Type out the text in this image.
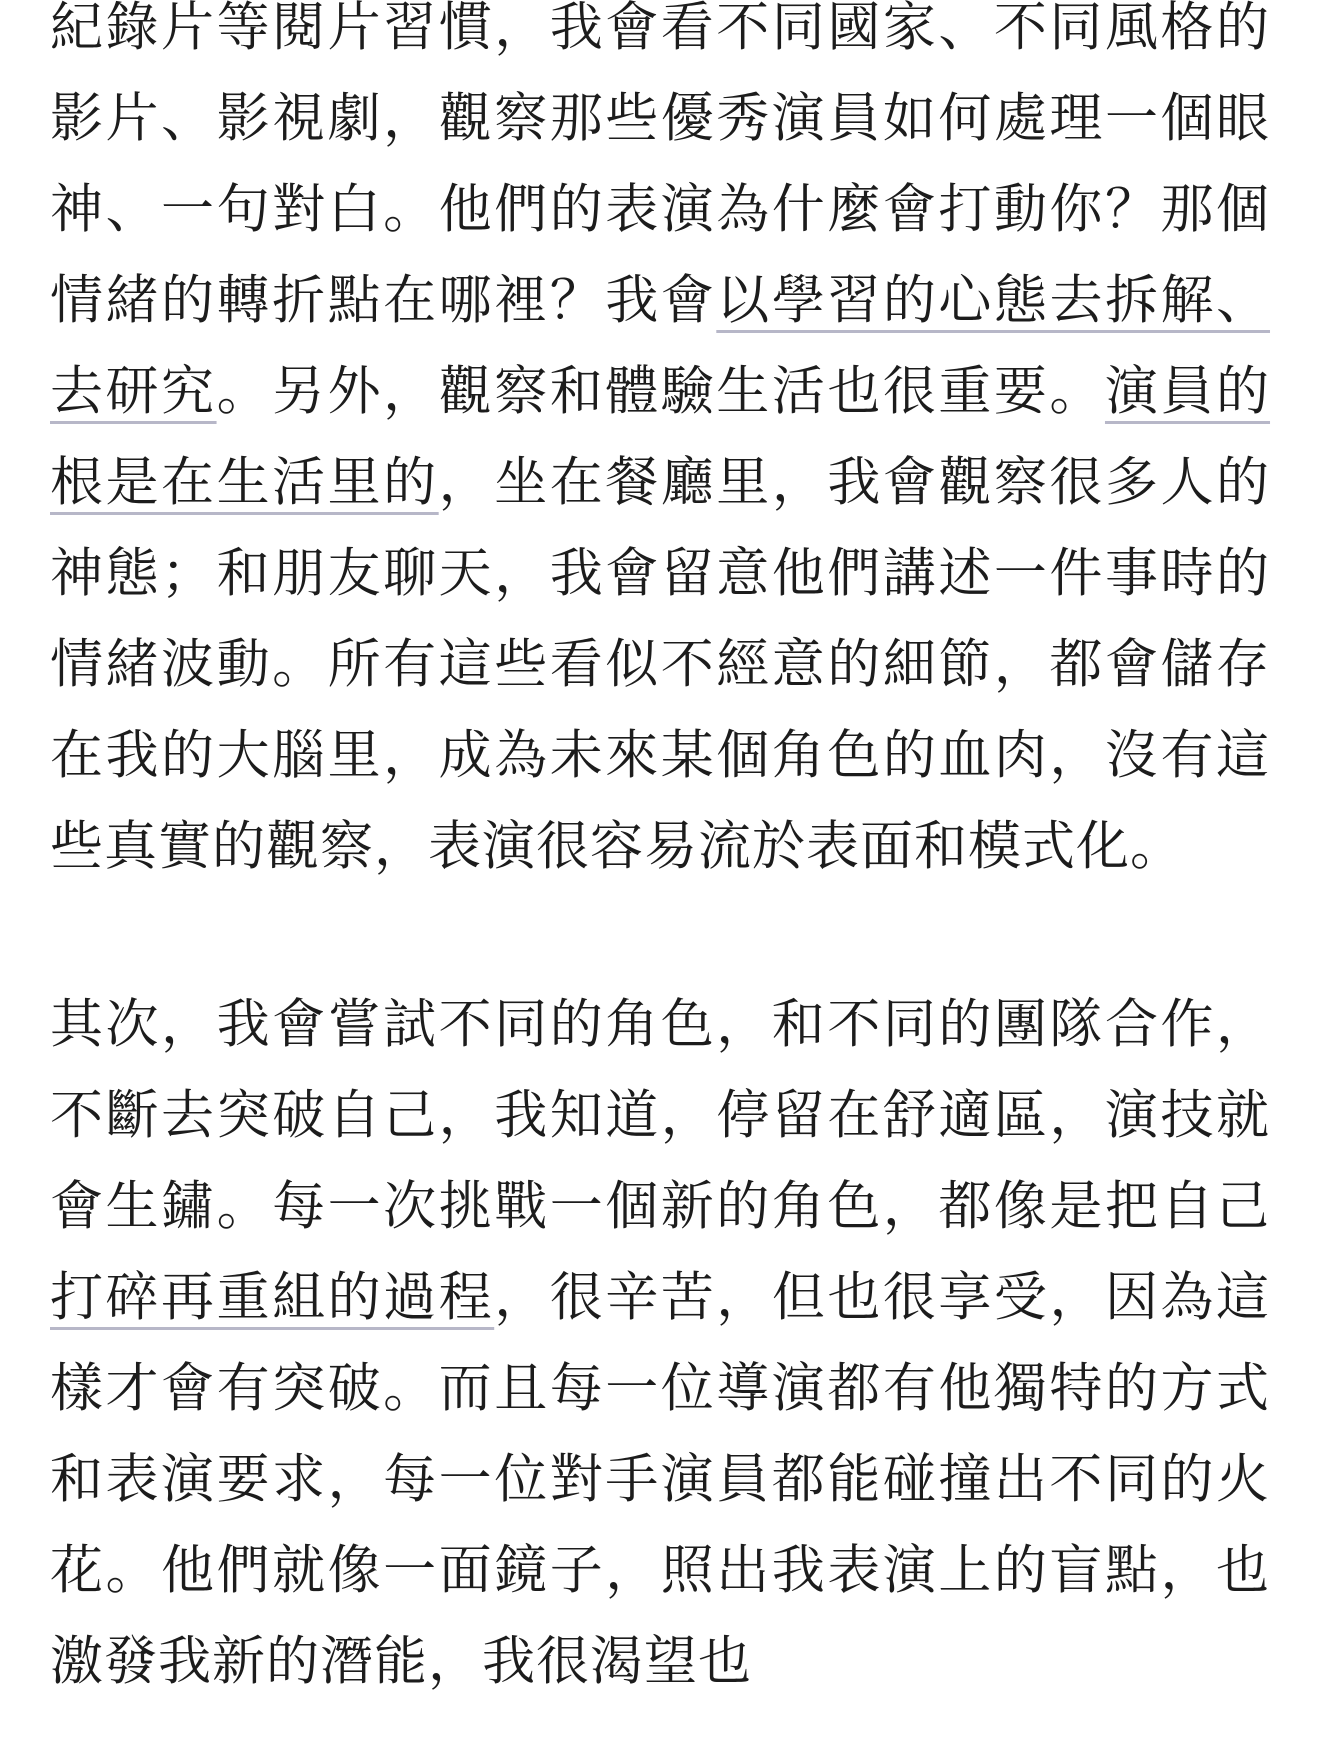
紀錄片等閱片習慣，我會看不同國家、不同風格的影片、影視劇，觀察那些優秀演員如何處理一個眼神、一句對白。他們的表演為什麼會打動你？那個情緒的轉折點在哪裡？我會以學習的心態去拆解、去研究。另外，觀察和體驗生活也很重要。演員的根是在生活里的，坐在餐廳里，我會觀察很多人的神態；和朋友聊天，我會留意他們講述一件事時的情緒波動。所有這些看似不經意的細節，都會儲存在我的大腦里，成為未來某個角色的血肉，沒有這些真實的觀察，表演很容易流於表面和模式化。

其次，我會嘗試不同的角色，和不同的團隊合作，不斷去突破自己，我知道，停留在舒適區，演技就會生鏽。每一次挑戰一個新的角色，都像是把自己打碎再重組的過程，很辛苦，但也很享受，因為這樣才會有突破。而且每一位導演都有他獨特的方式和表演要求，每一位對手演員都能碰撞出不同的火花。他們就像一面鏡子，照出我表演上的盲點，也激發我新的潛能，我很渴望也
